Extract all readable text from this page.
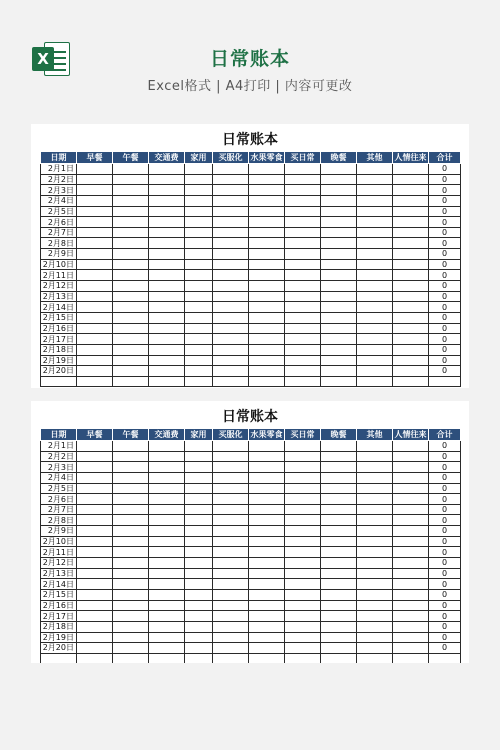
X	日常账本
Excel格式 | A4打印 | 内容可更改
日常账本
日期	早餐	午餐	交通费	家用	买服化	水果零食	买日常	晚餐	其他	人情往来	合计
2月1日											0
2月2日											0
2月3日											0
2月4日											0
2月5日											0
2月6日											0
2月7日											0
2月8日											0
2月9日											0
2月10日											0
2月11日											0
2月12日											0
2月13日											0
2月14日											0
2月15日											0
2月16日											0
2月17日											0
2月18日											0
2月19日											0
2月20日											0

日常账本
日期	早餐	午餐	交通费	家用	买服化	水果零食	买日常	晚餐	其他	人情往来	合计
2月1日											0
2月2日											0
2月3日											0
2月4日											0
2月5日											0
2月6日											0
2月7日											0
2月8日											0
2月9日											0
2月10日											0
2月11日											0
2月12日											0
2月13日											0
2月14日											0
2月15日											0
2月16日											0
2月17日											0
2月18日											0
2月19日											0
2月20日											0
